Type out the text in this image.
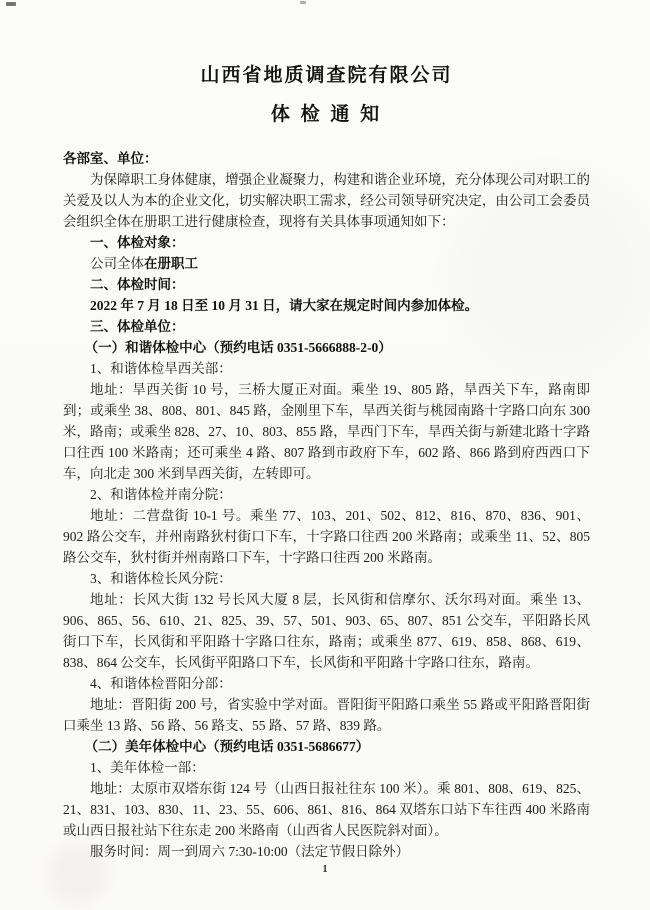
山西省地质调查院有限公司
体 检 通 知

各部室、单位：

为保障职工身体健康，增强企业凝聚力，构建和谐企业环境，充分体现公司对职工的关爱及以人为本的企业文化，切实解决职工需求，经公司领导研究决定，由公司工会委员会组织全体在册职工进行健康检查，现将有关具体事项通知如下：

一、体检对象：

公司全体在册职工

二、体检时间：

2022 年 7 月 18 日至 10 月 31 日，请大家在规定时间内参加体检。

三、体检单位：

（一）和谐体检中心（预约电话 0351-5666888-2-0）

1、和谐体检旱西关部：

地址：旱西关街 10 号，三桥大厦正对面。乘坐 19、805 路，旱西关下车，路南即到；或乘坐 38、808、801、845 路，金刚里下车，旱西关街与桃园南路十字路口向东 300 米，路南；或乘坐 828、27、10、803、855 路，旱西门下车，旱西关街与新建北路十字路口往西 100 米路南；还可乘坐 4 路、807 路到市政府下车，602 路、866 路到府西西口下车，向北走 300 米到旱西关街，左转即可。

2、和谐体检并南分院：

地址：二营盘街 10-1 号。乘坐 77、103、201、502、812、816、870、836、901、902 路公交车，并州南路狄村街口下车，十字路口往西 200 米路南；或乘坐 11、52、805 路公交车，狄村街并州南路口下车，十字路口往西 200 米路南。

3、和谐体检长风分院：

地址：长风大街 132 号长风大厦 8 层，长风街和信摩尔、沃尔玛对面。乘坐 13、906、865、56、610、21、825、39、57、501、903、65、807、851 公交车，平阳路长风街口下车，长风街和平阳路十字路口往东，路南；或乘坐 877、619、858、868、619、838、864 公交车，长风街平阳路口下车，长风街和平阳路十字路口往东，路南。

4、和谐体检晋阳分部：

地址：晋阳街 200 号，省实验中学对面。晋阳街平阳路口乘坐 55 路或平阳路晋阳街口乘坐 13 路、56 路、56 路支、55 路、57 路、839 路。

（二）美年体检中心（预约电话 0351-5686677）

1、美年体检一部：

地址：太原市双塔东街 124 号（山西日报社往东 100 米）。乘 801、808、619、825、21、831、103、830、11、23、55、606、861、816、864 双塔东口站下车往西 400 米路南或山西日报社站下往东走 200 米路南（山西省人民医院斜对面）。

服务时间：周一到周六 7:30-10:00（法定节假日除外）

1
